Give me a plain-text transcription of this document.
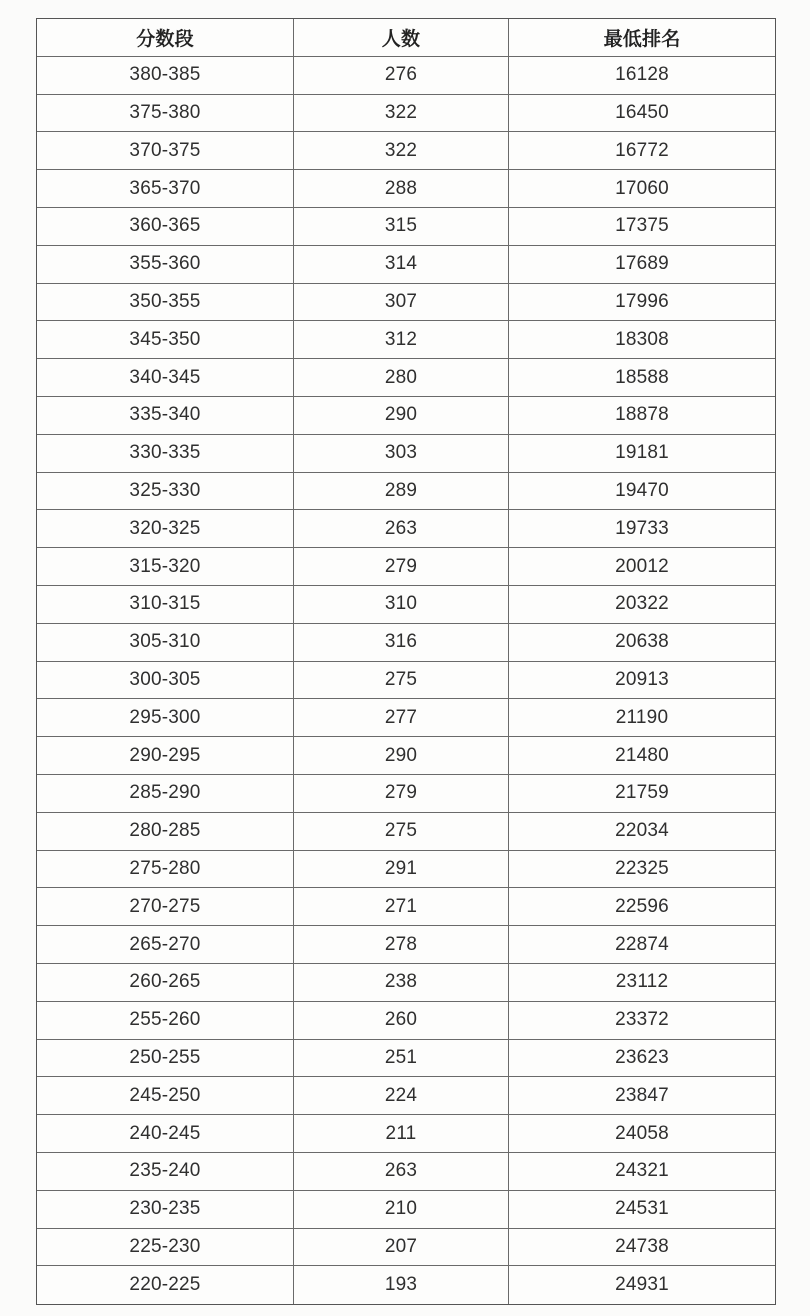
分数段	人数	最低排名
380-385	276	16128
375-380	322	16450
370-375	322	16772
365-370	288	17060
360-365	315	17375
355-360	314	17689
350-355	307	17996
345-350	312	18308
340-345	280	18588
335-340	290	18878
330-335	303	19181
325-330	289	19470
320-325	263	19733
315-320	279	20012
310-315	310	20322
305-310	316	20638
300-305	275	20913
295-300	277	21190
290-295	290	21480
285-290	279	21759
280-285	275	22034
275-280	291	22325
270-275	271	22596
265-270	278	22874
260-265	238	23112
255-260	260	23372
250-255	251	23623
245-250	224	23847
240-245	211	24058
235-240	263	24321
230-235	210	24531
225-230	207	24738
220-225	193	24931
